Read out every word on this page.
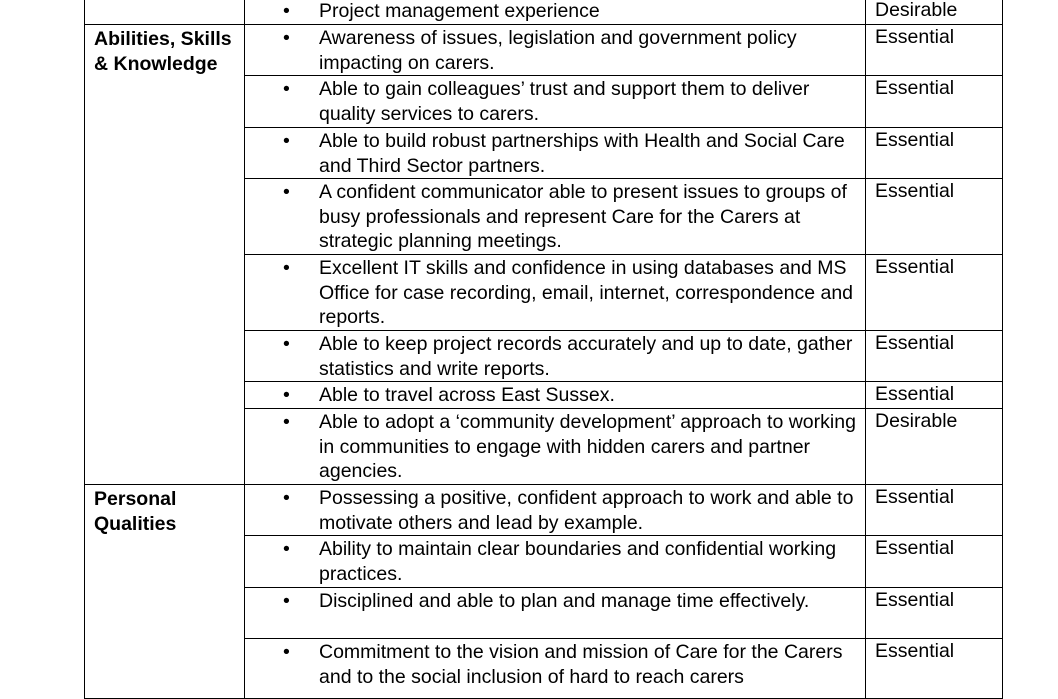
	• Project management experience	Desirable
Abilities, Skills & Knowledge	• Awareness of issues, legislation and government policy impacting on carers.	Essential

	• Able to gain colleagues’ trust and support them to deliver quality services to carers.	Essential

	• Able to build robust partnerships with Health and Social Care and Third Sector partners.	Essential

	• A confident communicator able to present issues to groups of busy professionals and represent Care for the Carers at strategic planning meetings.	Essential

	• Excellent IT skills and confidence in using databases and MS Office for case recording, email, internet, correspondence and reports.	Essential

	• Able to keep project records accurately and up to date, gather statistics and write reports.	Essential

	• Able to travel across East Sussex.	Essential

	• Able to adopt a ‘community development’ approach to working in communities to engage with hidden carers and partner agencies.	Desirable
Personal Qualities	• Possessing a positive, confident approach to work and able to motivate others and lead by example.	Essential

	• Ability to maintain clear boundaries and confidential working practices.	Essential

	• Disciplined and able to plan and manage time effectively.	Essential

	• Commitment to the vision and mission of Care for the Carers and to the social inclusion of hard to reach carers	Essential
